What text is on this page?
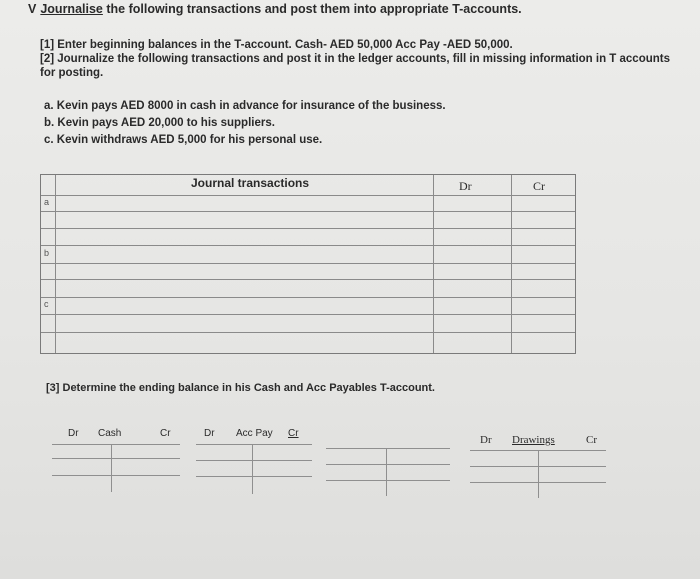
V Journalise the following transactions and post them into appropriate T-accounts.
[1] Enter beginning balances in the T-account. Cash- AED 50,000 Acc Pay -AED 50,000.
[2] Journalize the following transactions and post it in the ledger accounts, fill in missing information in T accounts for posting.
a. Kevin pays AED 8000 in cash in advance for insurance of the business.
b. Kevin pays AED 20,000 to his suppliers.
c. Kevin withdraws AED 5,000 for his personal use.
Journal transactions	Dr	Cr
a
b
c
[3] Determine the ending balance in his Cash and Acc Payables T-account.
Dr Cash	Cr	Dr Acc Pay Cr
Dr Drawings	Cr
